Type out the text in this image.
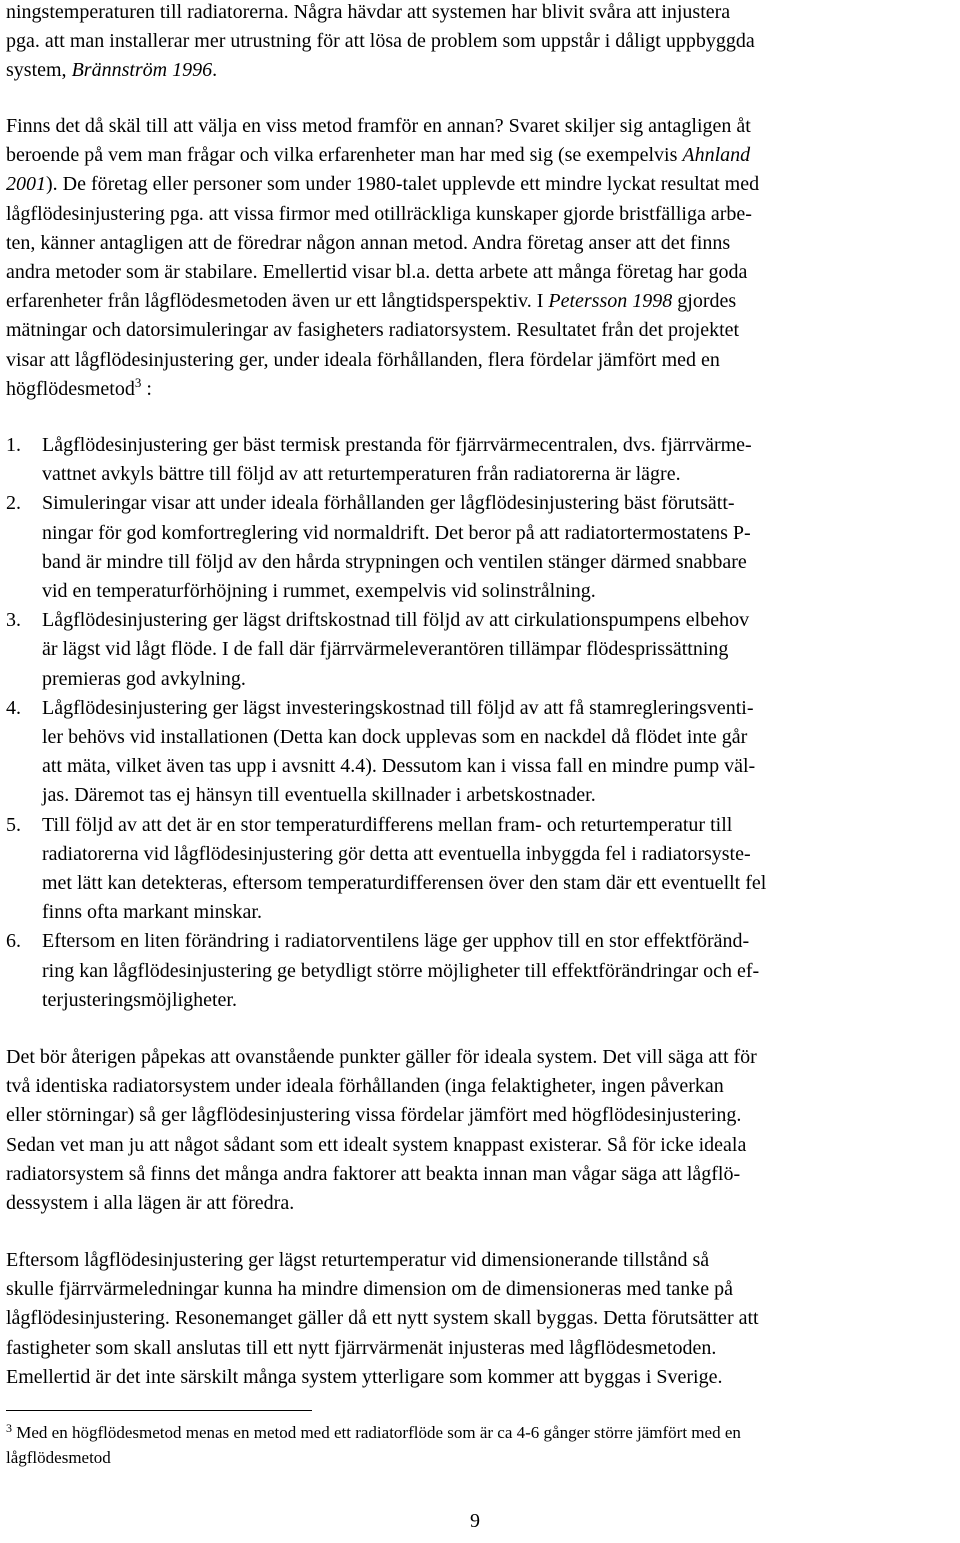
ningstemperaturen till radiatorerna. Några hävdar att systemen har blivit svåra att injustera
pga. att man installerar mer utrustning för att lösa de problem som uppstår i dåligt uppbyggda
system, Brännström 1996.
Finns det då skäl till att välja en viss metod framför en annan? Svaret skiljer sig antagligen åt
beroende på vem man frågar och vilka erfarenheter man har med sig (se exempelvis Ahnland
2001). De företag eller personer som under 1980-talet upplevde ett mindre lyckat resultat med
lågflödesinjustering pga. att vissa firmor med otillräckliga kunskaper gjorde bristfälliga arbe-
ten, känner antagligen att de föredrar någon annan metod. Andra företag anser att det finns
andra metoder som är stabilare. Emellertid visar bl.a. detta arbete att många företag har goda
erfarenheter från lågflödesmetoden även ur ett långtidsperspektiv. I Petersson 1998 gjordes
mätningar och datorsimuleringar av fasigheters radiatorsystem. Resultatet från det projektet
visar att lågflödesinjustering ger, under ideala förhållanden, flera fördelar jämfört med en
högflödesmetod$^3$ :
1. Lågflödesinjustering ger bäst termisk prestanda för fjärrvärmecentralen, dvs. fjärrvärme-
vattnet avkyls bättre till följd av att returtemperaturen från radiatorerna är lägre.
2. Simuleringar visar att under ideala förhållanden ger lågflödesinjustering bäst förutsätt-
ningar för god komfortreglering vid normaldrift. Det beror på att radiatortermostatens P-
band är mindre till följd av den hårda strypningen och ventilen stänger därmed snabbare
vid en temperaturförhöjning i rummet, exempelvis vid solinstrålning.
3. Lågflödesinjustering ger lägst driftskostnad till följd av att cirkulationspumpens elbehov
är lägst vid lågt flöde. I de fall där fjärrvärmeleverantören tillämpar flödesprissättning
premieras god avkylning.
4. Lågflödesinjustering ger lägst investeringskostnad till följd av att få stamregleringsventi-
ler behövs vid installationen (Detta kan dock upplevas som en nackdel då flödet inte går
att mäta, vilket även tas upp i avsnitt 4.4). Dessutom kan i vissa fall en mindre pump väl-
jas. Däremot tas ej hänsyn till eventuella skillnader i arbetskostnader.
5. Till följd av att det är en stor temperaturdifferens mellan fram- och returtemperatur till
radiatorerna vid lågflödesinjustering gör detta att eventuella inbyggda fel i radiatorsyste-
met lätt kan detekteras, eftersom temperaturdifferensen över den stam där ett eventuellt fel
finns ofta markant minskar.
6. Eftersom en liten förändring i radiatorventilens läge ger upphov till en stor effektföränd-
ring kan lågflödesinjustering ge betydligt större möjligheter till effektförändringar och ef-
terjusteringsmöjligheter.
Det bör återigen påpekas att ovanstående punkter gäller för ideala system. Det vill säga att för
två identiska radiatorsystem under ideala förhållanden (inga felaktigheter, ingen påverkan
eller störningar) så ger lågflödesinjustering vissa fördelar jämfört med högflödesinjustering.
Sedan vet man ju att något sådant som ett idealt system knappast existerar. Så för icke ideala
radiatorsystem så finns det många andra faktorer att beakta innan man vågar säga att lågflö-
dessystem i alla lägen är att föredra.
Eftersom lågflödesinjustering ger lägst returtemperatur vid dimensionerande tillstånd så
skulle fjärrvärmeledningar kunna ha mindre dimension om de dimensioneras med tanke på
lågflödesinjustering. Resonemanget gäller då ett nytt system skall byggas. Detta förutsätter att
fastigheter som skall anslutas till ett nytt fjärrvärmenät injusteras med lågflödesmetoden.
Emellertid är det inte särskilt många system ytterligare som kommer att byggas i Sverige.
$^3$ Med en högflödesmetod menas en metod med ett radiatorflöde som är ca 4-6 gånger större jämfört med en
lågflödesmetod
9
